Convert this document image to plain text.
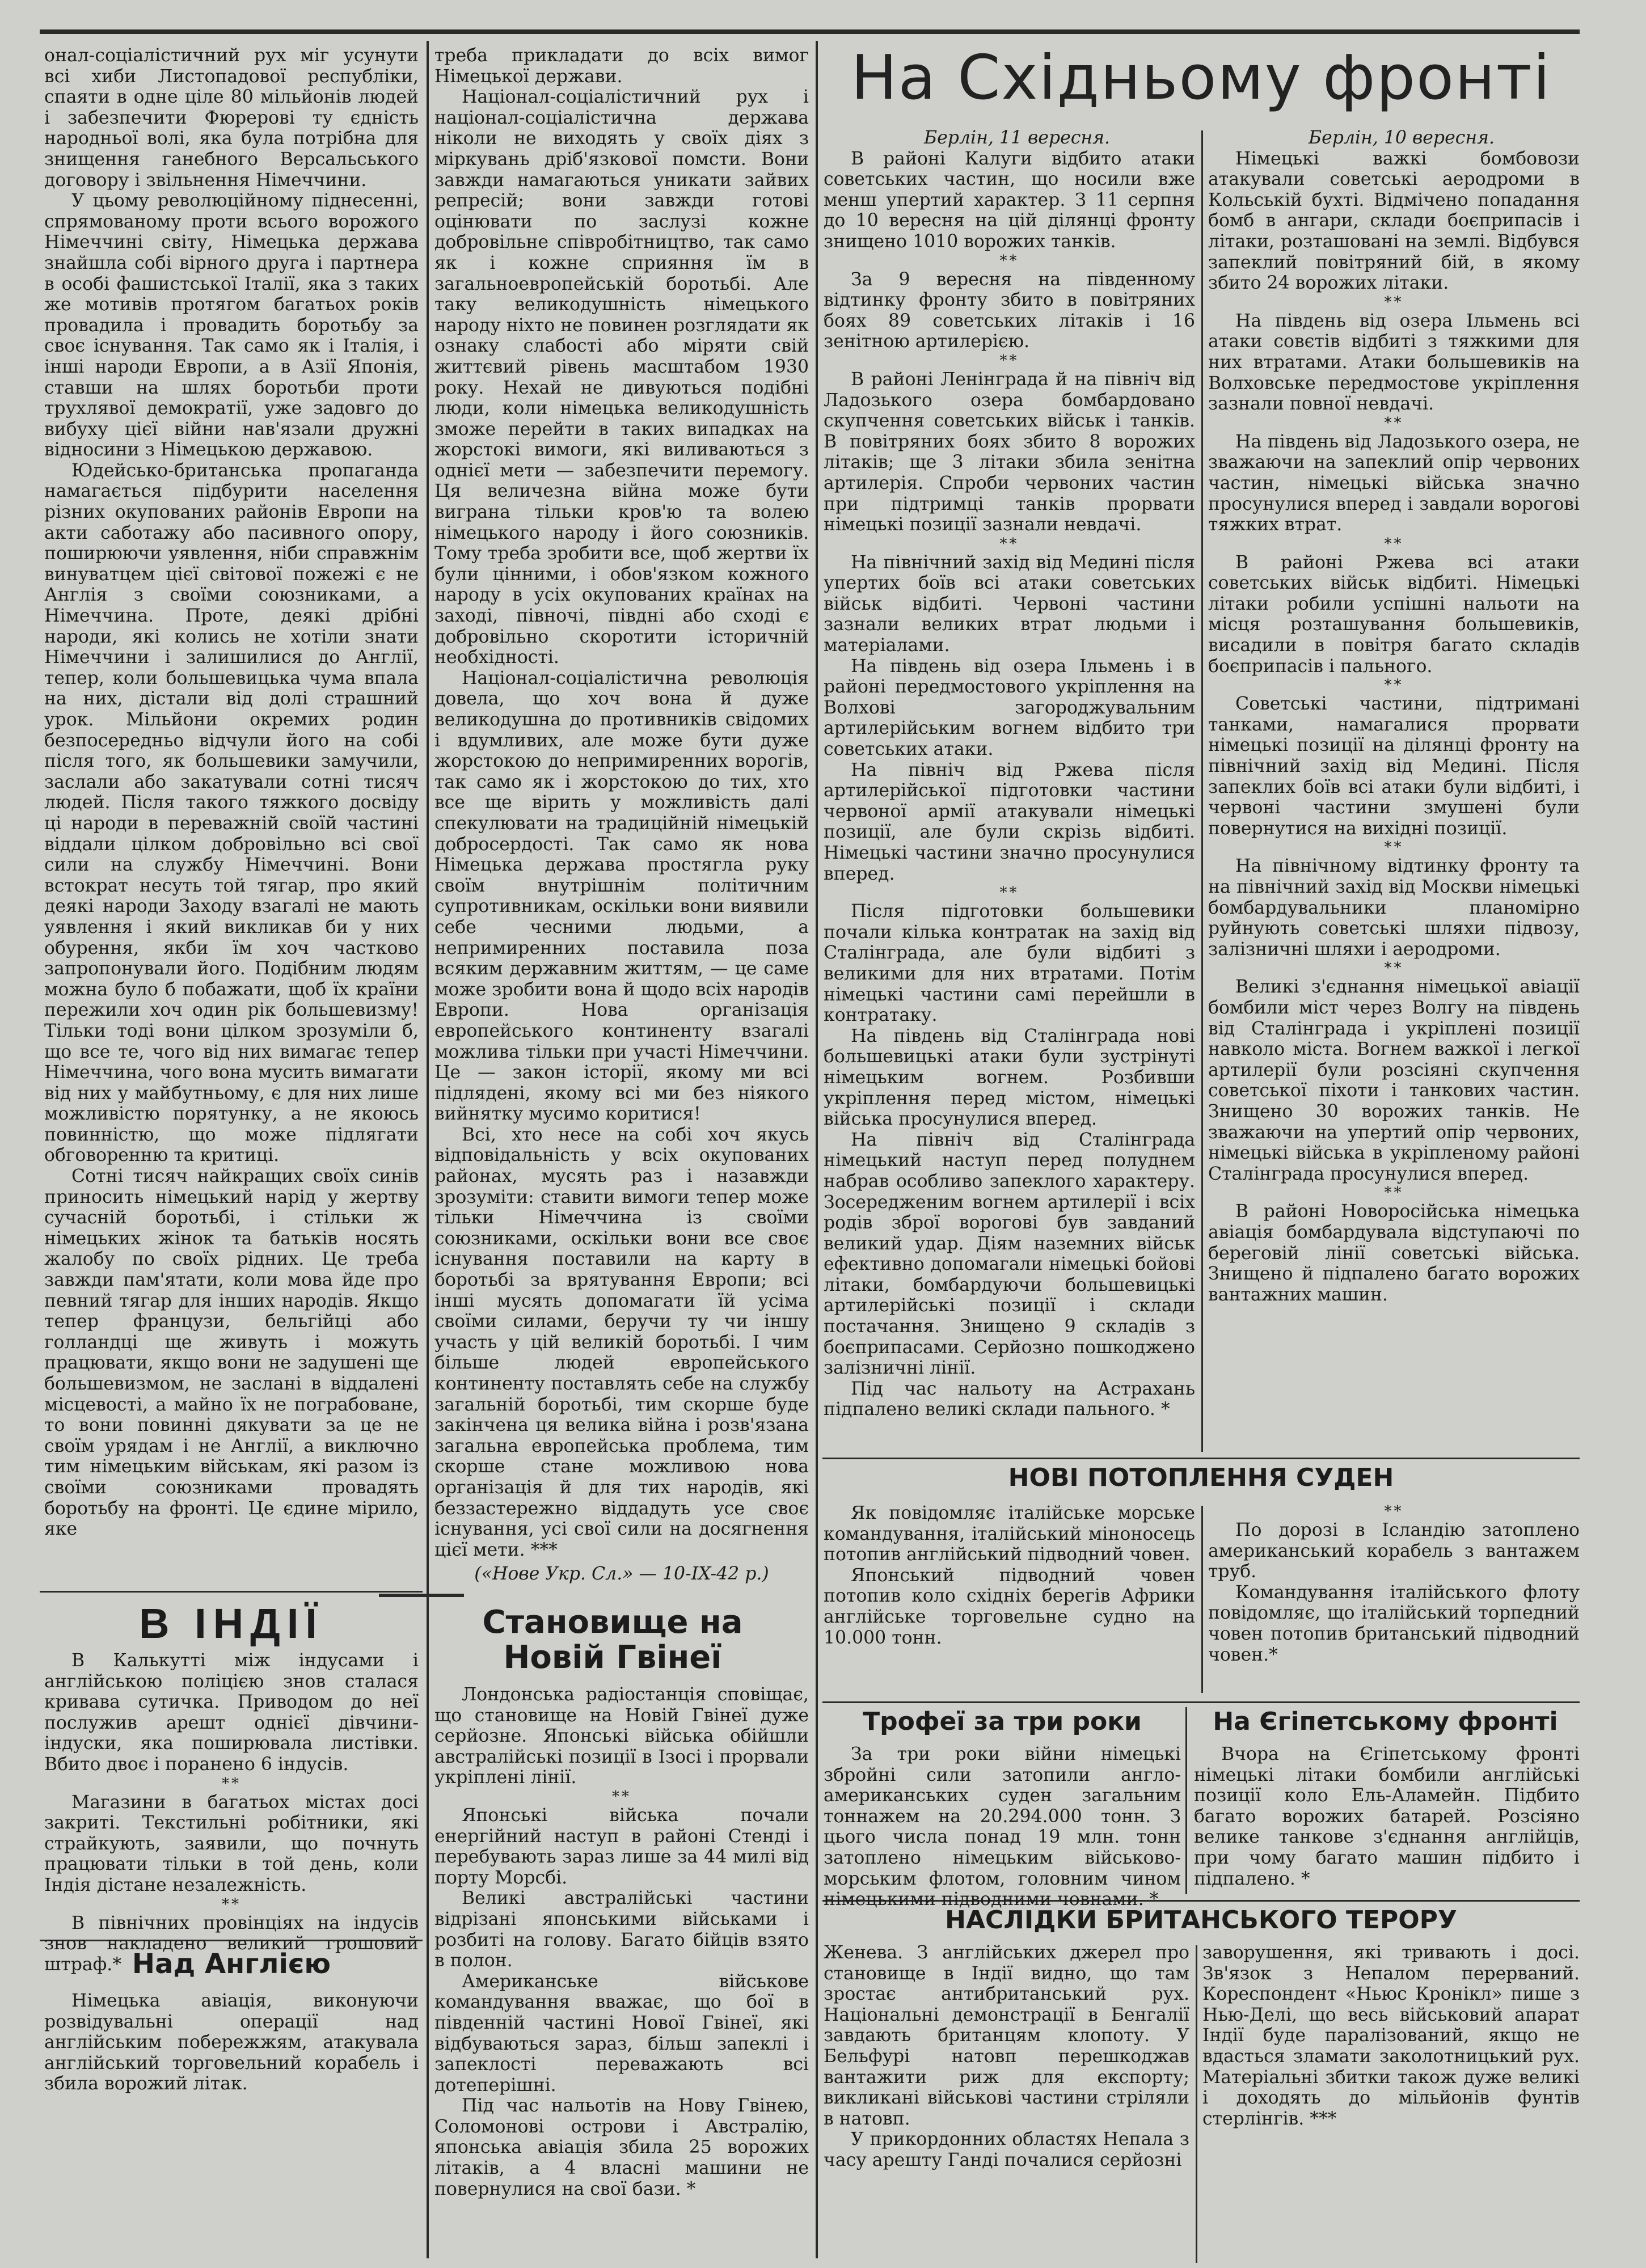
онал-соціалістичний рух міг усунути всі хиби Листопадової республіки, спаяти в одне ціле 80 мільйонів людей і забезпечити Фюрерові ту єдність народньої волі, яка була потрібна для знищення ганебного Версальського договору і звільнення Німеччини.

У цьому революційному піднесенні, спрямованому проти всього ворожого Німеччині світу, Німецька держава знайшла собі вірного друга і партнера в особі фашистської Італії, яка з таких же мотивів протягом багатьох років провадила і провадить боротьбу за своє існування. Так само як і Італія, і інші народи Европи, а в Азії Японія, ставши на шлях боротьби проти трухлявої демократії, уже задовго до вибуху цієї війни нав'язали дружні відносини з Німецькою державою.

Юдейсько-британська пропаганда намагається підбурити населення різних окупованих районів Европи на акти саботажу або пасивного опору, поширюючи уявлення, ніби справжнім винуватцем цієї світової пожежі є не Англія з своїми союзниками, а Німеччина. Проте, деякі дрібні народи, які колись не хотіли знати Німеччини і залишилися до Англії, тепер, коли большевицька чума впала на них, дістали від долі страшний урок. Мільйони окремих родин безпосередньо відчули його на собі після того, як большевики замучили, заслали або закатували сотні тисяч людей. Після такого тяжкого досвіду ці народи в переважній своїй частині віддали цілком добровільно всі свої сили на службу Німеччині. Вони встократ несуть той тягар, про який деякі народи Заходу взагалі не мають уявлення і який викликав би у них обурення, якби їм хоч частково запропонували його. Подібним людям можна було б побажати, щоб їх країни пережили хоч один рік большевизму! Тільки тоді вони цілком зрозуміли б, що все те, чого від них вимагає тепер Німеччина, чого вона мусить вимагати від них у майбутньому, є для них лише можливістю порятунку, а не якоюсь повинністю, що може підлягати обговоренню та критиці.

Сотні тисяч найкращих своїх синів приносить німецький нарід у жертву сучасній боротьбі, і стільки ж німецьких жінок та батьків носять жалобу по своїх рідних. Це треба завжди пам'ятати, коли мова йде про певний тягар для інших народів. Якщо тепер французи, бельгійці або голландці ще живуть і можуть працювати, якщо вони не задушені ще большевизмом, не заслані в віддалені місцевості, а майно їх не пограбоване, то вони повинні дякувати за це не своїм урядам і не Англії, а виключно тим німецьким військам, які разом із своїми союзниками провадять боротьбу на фронті. Це єдине мірило, яке

треба прикладати до всіх вимог Німецької держави.

Націонал-соціалістичний рух і націонал-соціалістична держава ніколи не виходять у своїх діях з міркувань дріб'язкової помсти. Вони завжди намагаються уникати зайвих репресій; вони завжди готові оцінювати по заслузі кожне добровільне співробітництво, так само як і кожне сприяння їм в загальноевропейській боротьбі. Але таку великодушність німецького народу ніхто не повинен розглядати як ознаку слабості або міряти свій життєвий рівень масштабом 1930 року. Нехай не дивуються подібні люди, коли німецька великодушність зможе перейти в таких випадках на жорстокі вимоги, які виливаються з однієї мети — забезпечити перемогу. Ця величезна війна може бути виграна тільки кров'ю та волею німецького народу і його союзників. Тому треба зробити все, щоб жертви їх були цінними, і обов'язком кожного народу в усіх окупованих країнах на заході, півночі, півдні або сході є добровільно скоротити історичній необхідності.

Націонал-соціалістична революція довела, що хоч вона й дуже великодушна до противників свідомих і вдумливих, але може бути дуже жорстокою до непримиренних ворогів, так само як і жорстокою до тих, хто все ще вірить у можливість далі спекулювати на традиційній німецькій добросердості. Так само як нова Німецька держава простягла руку своїм внутрішнім політичним супротивникам, оскільки вони виявили себе чесними людьми, а непримиренних поставила поза всяким державним життям, — це саме може зробити вона й щодо всіх народів Европи. Нова організація европейського континенту взагалі можлива тільки при участі Німеччини. Це — закон історії, якому ми всі підлядені, якому всі ми без ніякого вийнятку мусимо коритися!

Всі, хто несе на собі хоч якусь відповідальність у всіх окупованих районах, мусять раз і назавжди зрозуміти: ставити вимоги тепер може тільки Німеччина із своїми союзниками, оскільки вони все своє існування поставили на карту в боротьбі за врятування Европи; всі інші мусять допомагати їй усіма своїми силами, беручи ту чи іншу участь у цій великій боротьбі. І чим більше людей европейського континенту поставлять себе на службу загальній боротьбі, тим скорше буде закінчена ця велика війна і розв'язана загальна европейська проблема, тим скорше стане можливою нова організація й для тих народів, які беззастережно віддадуть усе своє існування, усі свої сили на досягнення цієї мети. ***

(«Нове Укр. Сл.» — 10-IX-42 р.)

В ІНДІЇ

В Калькутті між індусами і англійською поліцією знов сталася кривава сутичка. Приводом до неї послужив арешт однієї дівчини-індуски, яка поширювала листівки. Вбито двоє і поранено 6 індусів.

**

Магазини в багатьох містах досі закриті. Текстильні робітники, які страйкують, заявили, що почнуть працювати тільки в той день, коли Індія дістане незалежність.

**

В північних провінціях на індусів знов накладено великий грошовий штраф.* Над Англією

Німецька авіація, виконуючи розвідувальні операції над англійським побережжям, атакувала англійський торговельний корабель і збила ворожий літак.

Становище на Новій Гвінеї

Лондонська радіостанція сповіщає, що становище на Новій Гвінеї дуже серйозне. Японські війська обійшли австралійські позиції в Ізосі і прорвали укріплені лінії.

**

Японські війська почали енергійний наступ в районі Стенді і перебувають зараз лише за 44 милі від порту Морсбі.

Великі австралійські частини відрізані японськими військами і розбиті на голову. Багато бійців взято в полон.

Американське військове командування вважає, що бої в південній частині Нової Гвінеї, які відбуваються зараз, більш запеклі і запеклості переважають всі дотеперішні.

Під час нальотів на Нову Гвінею, Соломонові острови і Австралію, японська авіація збила 25 ворожих літаків, а 4 власні машини не повернулися на свої бази. *

На Східньому фронті

Берлін, 11 вересня.

В районі Калуги відбито атаки советських частин, що носили вже менш упертий характер. З 11 серпня до 10 вересня на цій ділянці фронту знищено 1010 ворожих танків.

**

За 9 вересня на південному відтинку фронту збито в повітряних боях 89 советських літаків і 16 зенітною артилерією.

**

В районі Ленінграда й на північ від Ладозького озера бомбардовано скупчення советських військ і танків. В повітряних боях збито 8 ворожих літаків; ще 3 літаки збила зенітна артилерія. Спроби червоних частин при підтримці танків прорвати німецькі позиції зазнали невдачі.

**

На північний захід від Медині після упертих боїв всі атаки советських військ відбиті. Червоні частини зазнали великих втрат людьми і матеріалами.

На південь від озера Ільмень і в районі передмостового укріплення на Волхові загороджувальним артилерійським вогнем відбито три советських атаки.

На північ від Ржева після артилерійської підготовки частини червоної армії атакували німецькі позиції, але були скрізь відбиті. Німецькі частини значно просунулися вперед.

**

Після підготовки большевики почали кілька контратак на захід від Сталінграда, але були відбиті з великими для них втратами. Потім німецькі частини самі перейшли в контратаку.

На південь від Сталінграда нові большевицькі атаки були зустрінуті німецьким вогнем. Розбивши укріплення перед містом, німецькі війська просунулися вперед.

На північ від Сталінграда німецький наступ перед полуднем набрав особливо запеклого характеру. Зосередженим вогнем артилерії і всіх родів зброї ворогові був завданий великий удар. Діям наземних військ ефективно допомагали німецькі бойові літаки, бомбардуючи большевицькі артилерійські позиції і склади постачання. Знищено 9 складів з боєприпасами. Серйозно пошкоджено залізничні лінії.

Під час нальоту на Астрахань підпалено великі склади пального. *

Берлін, 10 вересня.

Німецькі важкі бомбовози атакували советські аеродроми в Кольській бухті. Відмічено попадання бомб в ангари, склади боєприпасів і літаки, розташовані на землі. Відбувся запеклий повітряний бій, в якому збито 24 ворожих літаки.

**

На південь від озера Ільмень всі атаки совєтів відбиті з тяжкими для них втратами. Атаки большевиків на Волховське передмостове укріплення зазнали повної невдачі.

**

На південь від Ладозького озера, не зважаючи на запеклий опір червоних частин, німецькі війська значно просунулися вперед і завдали ворогові тяжких втрат.

**

В районі Ржева всі атаки советських військ відбиті. Німецькі літаки робили успішні нальоти на місця розташування большевиків, висадили в повітря багато складів боєприпасів і пального.

**

Советські частини, підтримані танками, намагалися прорвати німецькі позиції на ділянці фронту на північний захід від Медині. Після запеклих боїв всі атаки були відбиті, і червоні частини змушені були повернутися на вихідні позиції.

**

На північному відтинку фронту та на північний захід від Москви німецькі бомбардувальники планомірно руйнують советські шляхи підвозу, залізничні шляхи і аеродроми.

**

Великі з'єднання німецької авіації бомбили міст через Волгу на південь від Сталінграда і укріплені позиції навколо міста. Вогнем важкої і легкої артилерії були розсіяні скупчення советської піхоти і танкових частин. Знищено 30 ворожих танків. Не зважаючи на упертий опір червоних, німецькі війська в укріпленому районі Сталінграда просунулися вперед.

**

В районі Новоросійська німецька авіація бомбардувала відступаючі по береговій лінії советські війська. Знищено й підпалено багато ворожих вантажних машин.

НОВІ ПОТОПЛЕННЯ СУДЕН

Як повідомляє італійське морське командування, італійський міноносець потопив англійський підводний човен.

Японський підводний човен потопив коло східніх берегів Африки англійське торговельне судно на 10.000 тонн.

**

По дорозі в Ісландію затоплено американський корабель з вантажем труб.

Командування італійського флоту повідомляє, що італійський торпедний човен потопив британський підводний човен.*

Трофеї за три роки

За три роки війни німецькі збройні сили затопили англо-американських суден загальним тоннажем на 20.294.000 тонн. З цього числа понад 19 млн. тонн затоплено німецьким військово-морським флотом, головним чином німецькими підводними човнами. *

На Єгіпетському фронті

Вчора на Єгіпетському фронті німецькі літаки бомбили англійські позиції коло Ель-Аламейн. Підбито багато ворожих батарей. Розсіяно велике танкове з'єднання англійців, при чому багато машин підбито і підпалено. *

НАСЛІДКИ БРИТАНСЬКОГО ТЕРОРУ

Женева. З англійських джерел про становище в Індії видно, що там зростає антибританський рух. Національні демонстрації в Бенгалії завдають британцям клопоту. У Бельфурі натовп перешкоджав вантажити риж для експорту; викликані військові частини стріляли в натовп.

У прикордонних областях Непала з часу арешту Ганді почалися серйозні

заворушення, які тривають і досі. Зв'язок з Непалом перерваний. Кореспондент «Ньюс Кронікл» пише з Нью-Делі, що весь військовий апарат Індії буде паралізований, якщо не вдасться зламати заколотницький рух. Матеріальні збитки також дуже великі і доходять до мільйонів фунтів стерлінгів. ***
